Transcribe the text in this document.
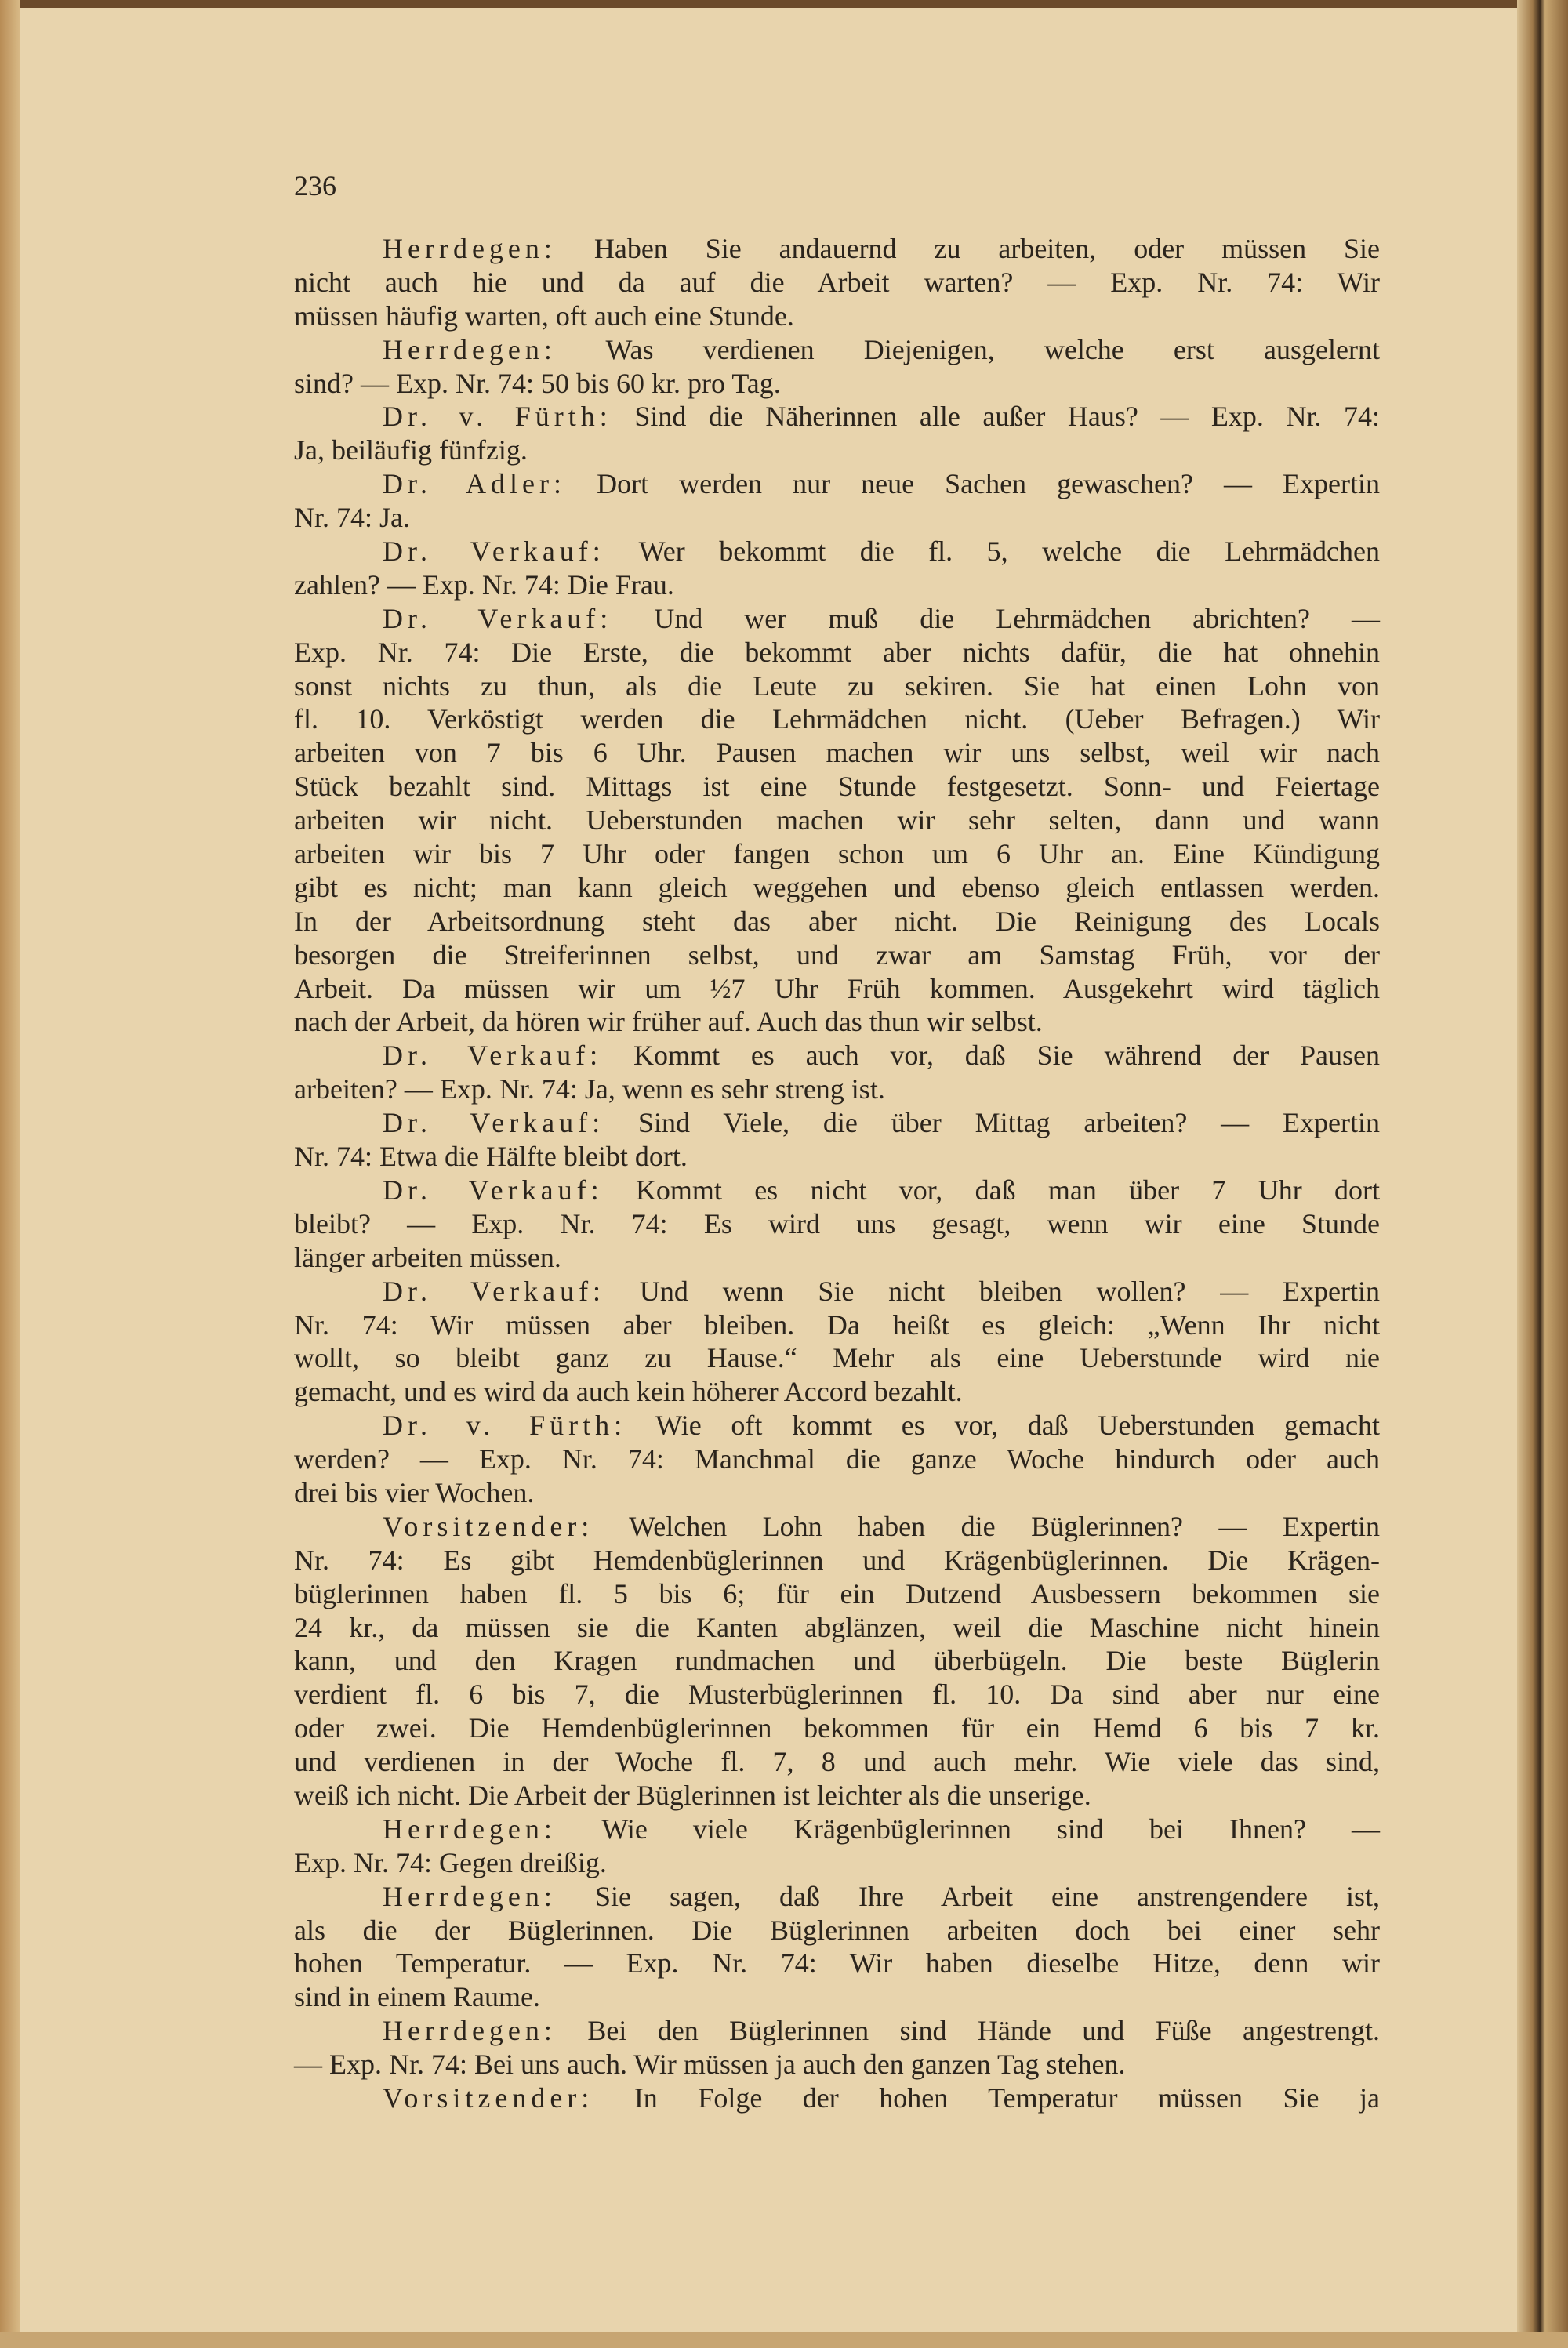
236
Herrdegen: Haben Sie andauernd zu arbeiten, oder müssen Sie
nicht auch hie und da auf die Arbeit warten? — Exp. Nr. 74: Wir
müssen häufig warten, oft auch eine Stunde.
Herrdegen: Was verdienen Diejenigen, welche erst ausgelernt
sind? — Exp. Nr. 74: 50 bis 60 kr. pro Tag.
Dr. v. Fürth: Sind die Näherinnen alle außer Haus? — Exp. Nr. 74:
Ja, beiläufig fünfzig.
Dr. Adler: Dort werden nur neue Sachen gewaschen? — Expertin
Nr. 74: Ja.
Dr. Verkauf: Wer bekommt die fl. 5, welche die Lehrmädchen
zahlen? — Exp. Nr. 74: Die Frau.
Dr. Verkauf: Und wer muß die Lehrmädchen abrichten? —
Exp. Nr. 74: Die Erste, die bekommt aber nichts dafür, die hat ohnehin
sonst nichts zu thun, als die Leute zu sekiren. Sie hat einen Lohn von
fl. 10. Verköstigt werden die Lehrmädchen nicht. (Ueber Befragen.) Wir
arbeiten von 7 bis 6 Uhr. Pausen machen wir uns selbst, weil wir nach
Stück bezahlt sind. Mittags ist eine Stunde festgesetzt. Sonn- und Feiertage
arbeiten wir nicht. Ueberstunden machen wir sehr selten, dann und wann
arbeiten wir bis 7 Uhr oder fangen schon um 6 Uhr an. Eine Kündigung
gibt es nicht; man kann gleich weggehen und ebenso gleich entlassen werden.
In der Arbeitsordnung steht das aber nicht. Die Reinigung des Locals
besorgen die Streiferinnen selbst, und zwar am Samstag Früh, vor der
Arbeit. Da müssen wir um ½7 Uhr Früh kommen. Ausgekehrt wird täglich
nach der Arbeit, da hören wir früher auf. Auch das thun wir selbst.
Dr. Verkauf: Kommt es auch vor, daß Sie während der Pausen
arbeiten? — Exp. Nr. 74: Ja, wenn es sehr streng ist.
Dr. Verkauf: Sind Viele, die über Mittag arbeiten? — Expertin
Nr. 74: Etwa die Hälfte bleibt dort.
Dr. Verkauf: Kommt es nicht vor, daß man über 7 Uhr dort
bleibt? — Exp. Nr. 74: Es wird uns gesagt, wenn wir eine Stunde
länger arbeiten müssen.
Dr. Verkauf: Und wenn Sie nicht bleiben wollen? — Expertin
Nr. 74: Wir müssen aber bleiben. Da heißt es gleich: „Wenn Ihr nicht
wollt, so bleibt ganz zu Hause.“ Mehr als eine Ueberstunde wird nie
gemacht, und es wird da auch kein höherer Accord bezahlt.
Dr. v. Fürth: Wie oft kommt es vor, daß Ueberstunden gemacht
werden? — Exp. Nr. 74: Manchmal die ganze Woche hindurch oder auch
drei bis vier Wochen.
Vorsitzender: Welchen Lohn haben die Büglerinnen? — Expertin
Nr. 74: Es gibt Hemdenbüglerinnen und Krägenbüglerinnen. Die Krägen-
büglerinnen haben fl. 5 bis 6; für ein Dutzend Ausbessern bekommen sie
24 kr., da müssen sie die Kanten abglänzen, weil die Maschine nicht hinein
kann, und den Kragen rundmachen und überbügeln. Die beste Büglerin
verdient fl. 6 bis 7, die Musterbüglerinnen fl. 10. Da sind aber nur eine
oder zwei. Die Hemdenbüglerinnen bekommen für ein Hemd 6 bis 7 kr.
und verdienen in der Woche fl. 7, 8 und auch mehr. Wie viele das sind,
weiß ich nicht. Die Arbeit der Büglerinnen ist leichter als die unserige.
Herrdegen: Wie viele Krägenbüglerinnen sind bei Ihnen? —
Exp. Nr. 74: Gegen dreißig.
Herrdegen: Sie sagen, daß Ihre Arbeit eine anstrengendere ist,
als die der Büglerinnen. Die Büglerinnen arbeiten doch bei einer sehr
hohen Temperatur. — Exp. Nr. 74: Wir haben dieselbe Hitze, denn wir
sind in einem Raume.
Herrdegen: Bei den Büglerinnen sind Hände und Füße angestrengt.
— Exp. Nr. 74: Bei uns auch. Wir müssen ja auch den ganzen Tag stehen.
Vorsitzender: In Folge der hohen Temperatur müssen Sie ja
